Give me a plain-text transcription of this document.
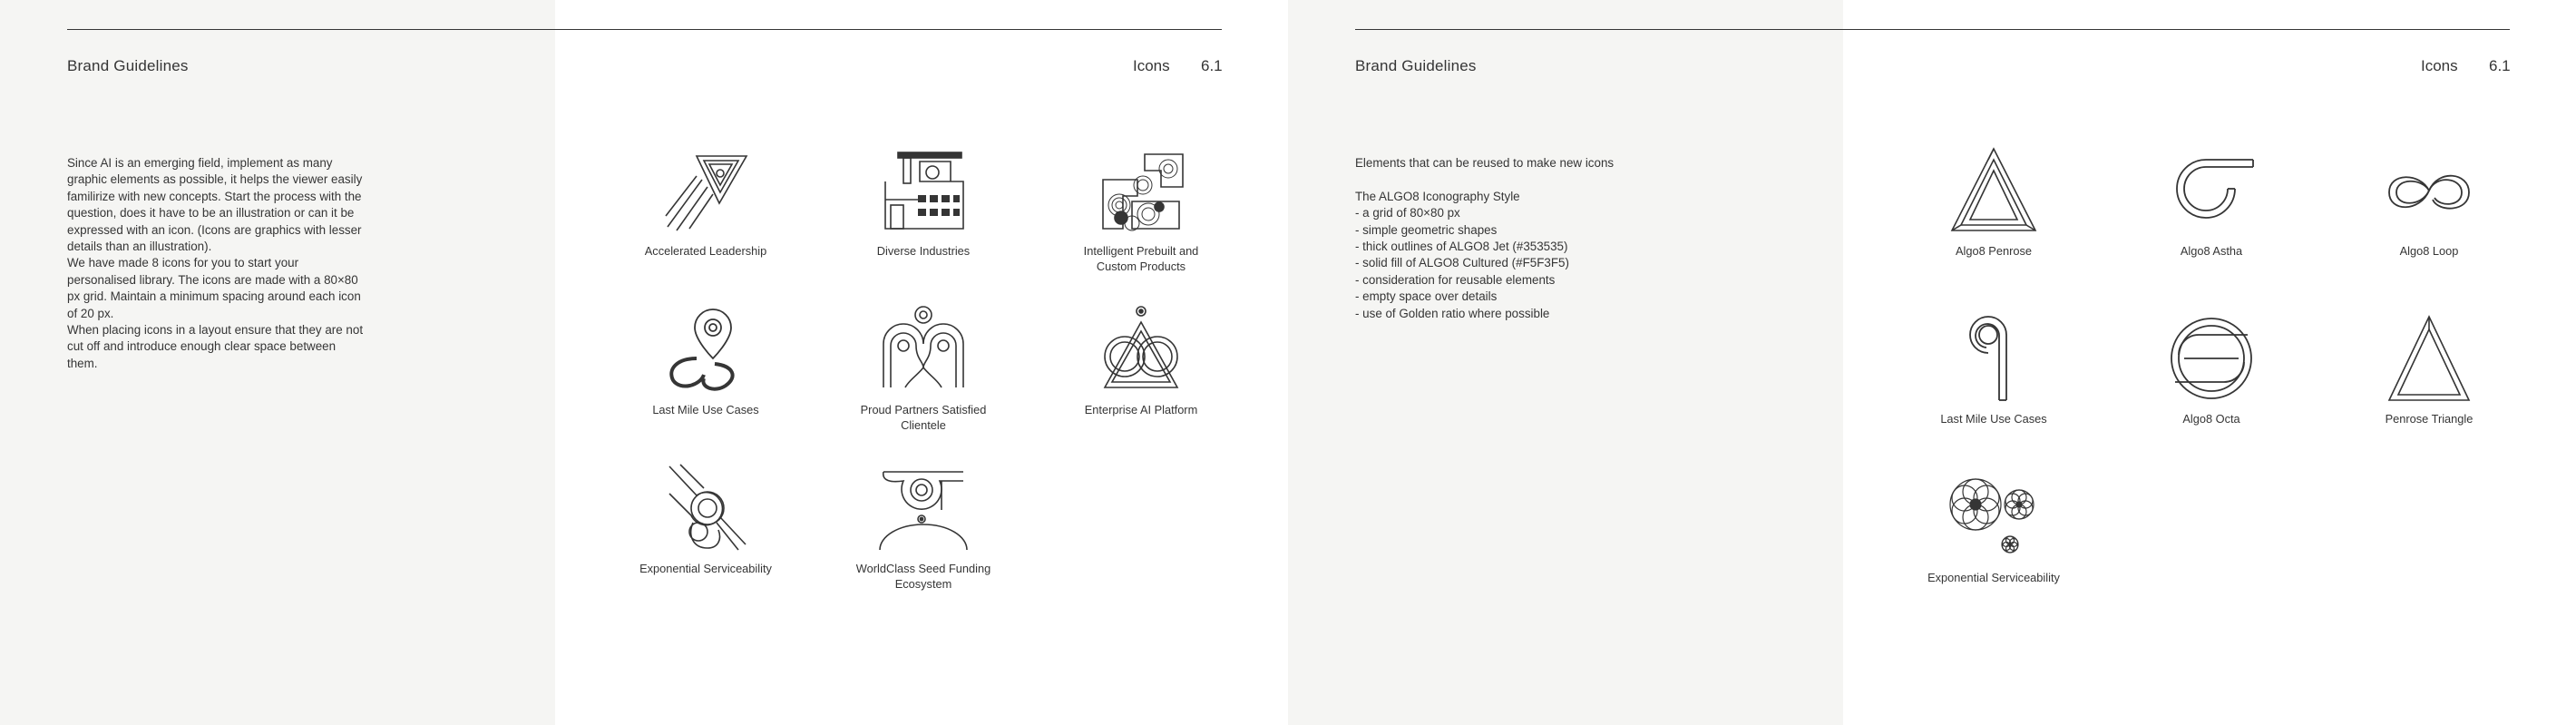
Brand Guidelines	Icons 6.1
Since AI is an emerging field, implement as many graphic elements as possible, it helps the viewer easily familirize with new concepts. Start the process with the question, does it have to be an illustration or can it be expressed with an icon. (Icons are graphics with lesser details than an illustration).
We have made 8 icons for you to start your personalised library. The icons are made with a 80×80 px grid. Maintain a minimum spacing around each icon of 20 px.
When placing icons in a layout ensure that they are not cut off and introduce enough clear space between them.
Accelerated Leadership	Diverse Industries	Intelligent Prebuilt and Custom Products
Last Mile Use Cases	Proud Partners Satisfied Clientele
Enterprise AI Platform
Exponential Serviceability	WorldClass Seed Funding Ecosystem
Brand Guidelines	Icons 6.1
Elements that can be reused to make new icons
The ALGO8 Iconography Style
- a grid of 80×80 px
- simple geometric shapes
- thick outlines of ALGO8 Jet (#353535)
- solid fill of ALGO8 Cultured (#F5F3F5)
- consideration for reusable elements
- empty space over details
- use of Golden ratio where possible
Algo8 Penrose	Algo8 Astha	Algo8 Loop
Last Mile Use Cases	Algo8 Octa	Penrose Triangle
Exponential Serviceability
